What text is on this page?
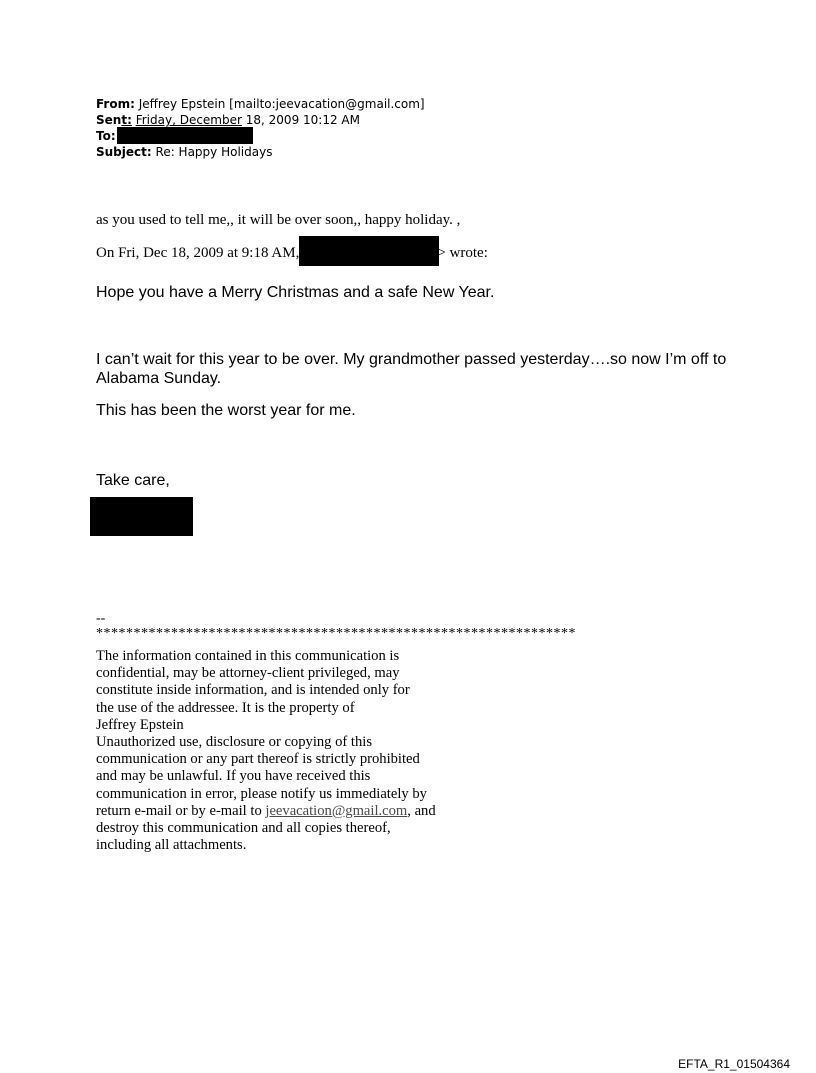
From: Jeffrey Epstein [mailto:jeevacation@gmail.com]
Sent: Friday, December 18, 2009 10:12 AM
To:
Subject: Re: Happy Holidays
as you used to tell me,, it will be over soon,, happy holiday. ,
On Fri, Dec 18, 2009 at 9:18 AM,	> wrote:

Hope you have a Merry Christmas and a safe New Year.

I can’t wait for this year to be over. My grandmother passed yesterday….so now I’m off to Alabama Sunday.

This has been the worst year for me.

Take care,

--
****************************************************************
The information contained in this communication is
confidential, may be attorney-client privileged, may
constitute inside information, and is intended only for
the use of the addressee. It is the property of
Jeffrey Epstein
Unauthorized use, disclosure or copying of this
communication or any part thereof is strictly prohibited
and may be unlawful. If you have received this
communication in error, please notify us immediately by
return e-mail or by e-mail to jeevacation@gmail.com, and
destroy this communication and all copies thereof,
including all attachments.
EFTA_R1_01504364
